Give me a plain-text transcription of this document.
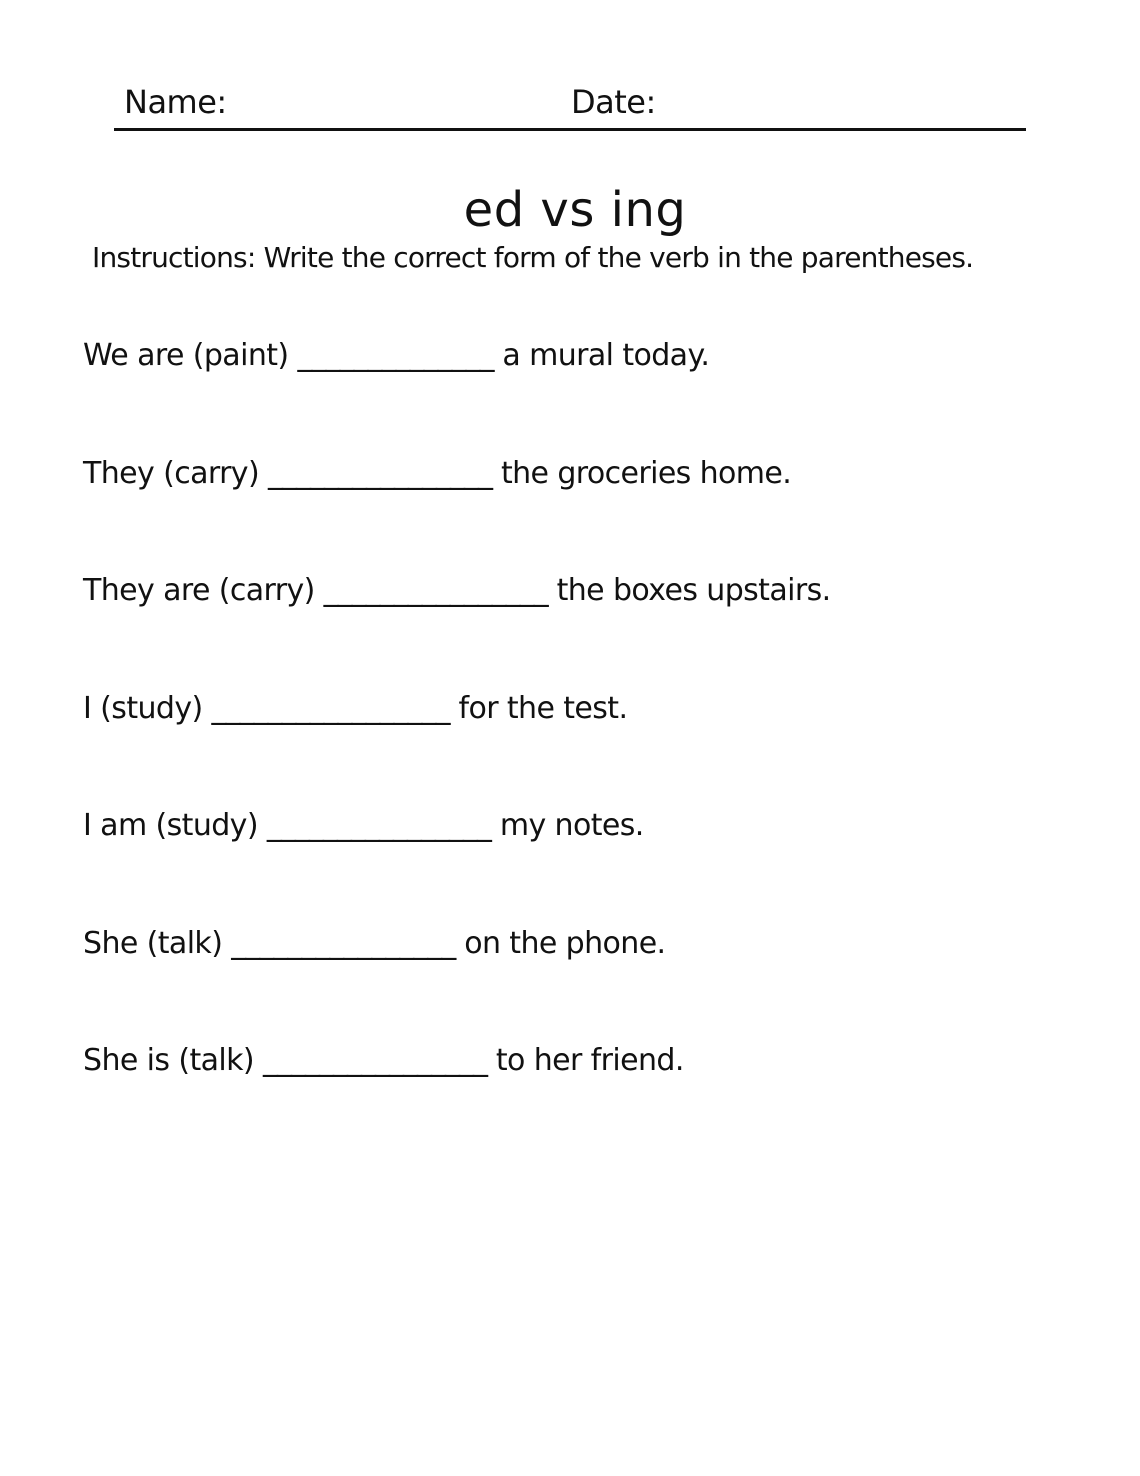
Name:	Date:
ed vs ing
Instructions: Write the correct form of the verb in the parentheses.
We are (paint) ______________ a mural today.
They (carry) ________________ the groceries home.
They are (carry) ________________ the boxes upstairs.
I (study) _________________ for the test.
I am (study) ________________ my notes.
She (talk) ________________ on the phone.
She is (talk) ________________ to her friend.
